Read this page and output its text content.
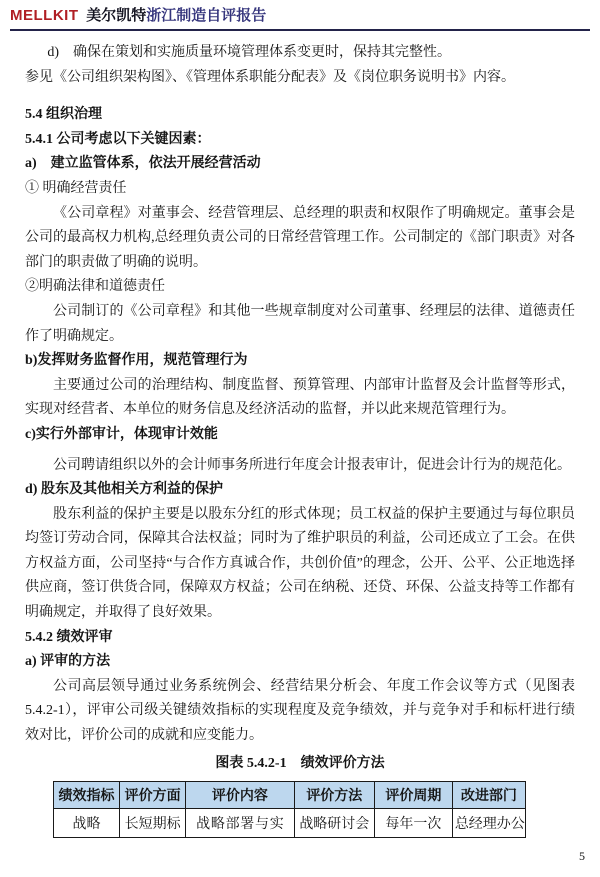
MELLKIT 美尔凯特浙江制造自评报告

d)　确保在策划和实施质量环境管理体系变更时，保持其完整性。

参见《公司组织架构图》、《管理体系职能分配表》及《岗位职务说明书》内容。

5.4 组织治理

5.4.1 公司考虑以下关键因素：

a)　建立监管体系，依法开展经营活动

① 明确经营责任

《公司章程》对董事会、经营管理层、总经理的职责和权限作了明确规定。董事会是公司的最高权力机构,总经理负责公司的日常经营管理工作。公司制定的《部门职责》对各部门的职责做了明确的说明。

②明确法律和道德责任

公司制订的《公司章程》和其他一些规章制度对公司董事、经理层的法律、道德责任作了明确规定。

b)发挥财务监督作用，规范管理行为

主要通过公司的治理结构、制度监督、预算管理、内部审计监督及会计监督等形式，实现对经营者、本单位的财务信息及经济活动的监督，并以此来规范管理行为。

c)实行外部审计，体现审计效能

公司聘请组织以外的会计师事务所进行年度会计报表审计，促进会计行为的规范化。

d) 股东及其他相关方利益的保护

股东利益的保护主要是以股东分红的形式体现；员工权益的保护主要通过与每位职员均签订劳动合同，保障其合法权益；同时为了维护职员的利益，公司还成立了工会。在供方权益方面，公司坚持“与合作方真诚合作，共创价值”的理念，公开、公平、公正地选择供应商，签订供货合同，保障双方权益；公司在纳税、还贷、环保、公益支持等工作都有明确规定，并取得了良好效果。

5.4.2 绩效评审

a) 评审的方法

公司高层领导通过业务系统例会、经营结果分析会、年度工作会议等方式（见图表 5.4.2-1），评审公司级关键绩效指标的实现程度及竞争绩效，并与竞争对手和标杆进行绩效对比，评价公司的成就和应变能力。

图表 5.4.2-1　绩效评价方法

绩效指标	评价方面	评价内容	评价方法	评价周期	改进部门
战略	长短期标	战略部署与实	战略研讨会	每年一次	总经理办公
5
